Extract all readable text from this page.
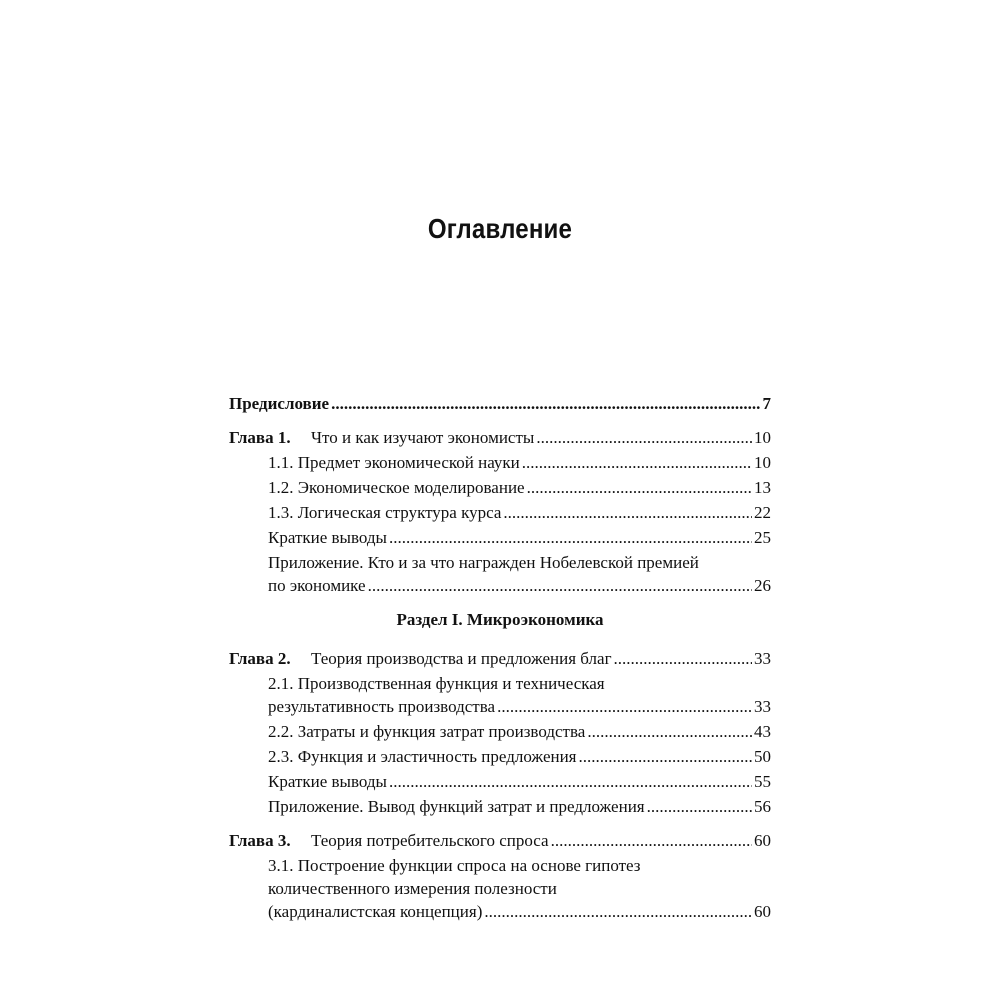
Оглавление
Предисловие .....	7
Глава 1. Что и как изучают экономисты .....	10
1.1. Предмет экономической науки .....	10
1.2. Экономическое моделирование .....	13
1.3. Логическая структура курса .....	22
Краткие выводы .....	25
Приложение. Кто и за что награжден Нобелевской премией
по экономике .....	26
Раздел I. Микроэкономика
Глава 2. Теория производства и предложения благ .....	33
2.1. Производственная функция и техническая
результативность производства .....	33
2.2. Затраты и функция затрат производства .....	43
2.3. Функция и эластичность предложения .....	50
Краткие выводы .....	55
Приложение. Вывод функций затрат и предложения .....	56
Глава 3. Теория потребительского спроса .....	60
3.1. Построение функции спроса на основе гипотез
количественного измерения полезности
(кардиналистская концепция) .....	60
